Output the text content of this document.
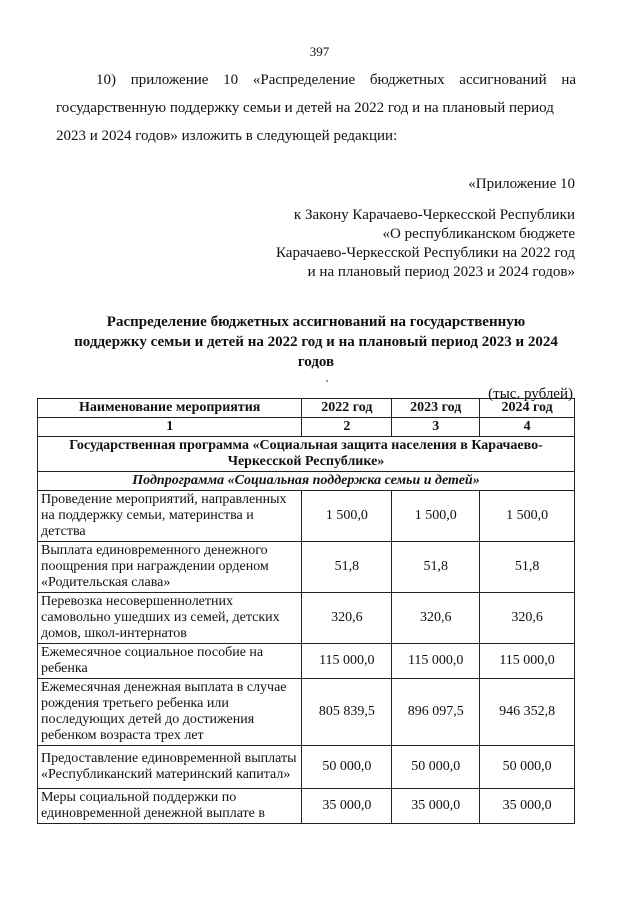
397
10) приложение 10 «Распределение бюджетных ассигнований на
государственную поддержку семьи и детей на 2022 год и на плановый период
2023 и 2024 годов» изложить в следующей редакции:
«Приложение 10
к Закону Карачаево-Черкесской Республики
«О республиканском бюджете
Карачаево-Черкесской Республики на 2022 год
и на плановый период 2023 и 2024 годов»
Распределение бюджетных ассигнований на государственную
поддержку семьи и детей на 2022 год и на плановый период 2023 и 2024
годов
(тыс. рублей)
Наименование мероприятия	2022 год	2023 год	2024 год
1	2	3	4
Государственная программа «Социальная защита населения в Карачаево-Черкесской Республике»			
Подпрограмма «Социальная поддержка семьи и детей»			
Проведение мероприятий, направленных на поддержку семьи, материнства и детства	1 500,0	1 500,0	1 500,0
Выплата единовременного денежного поощрения при награждении орденом «Родительская слава»	51,8	51,8	51,8
Перевозка несовершеннолетних самовольно ушедших из семей, детских домов, школ-интернатов	320,6	320,6	320,6
Ежемесячное социальное пособие на ребенка	115 000,0	115 000,0	115 000,0
Ежемесячная денежная выплата в случае рождения третьего ребенка или последующих детей до достижения ребенком возраста трех лет	805 839,5	896 097,5	946 352,8
Предоставление единовременной выплаты «Республиканский материнский капитал»	50 000,0	50 000,0	50 000,0
Меры социальной поддержки по единовременной денежной выплате в	35 000,0	35 000,0	35 000,0
